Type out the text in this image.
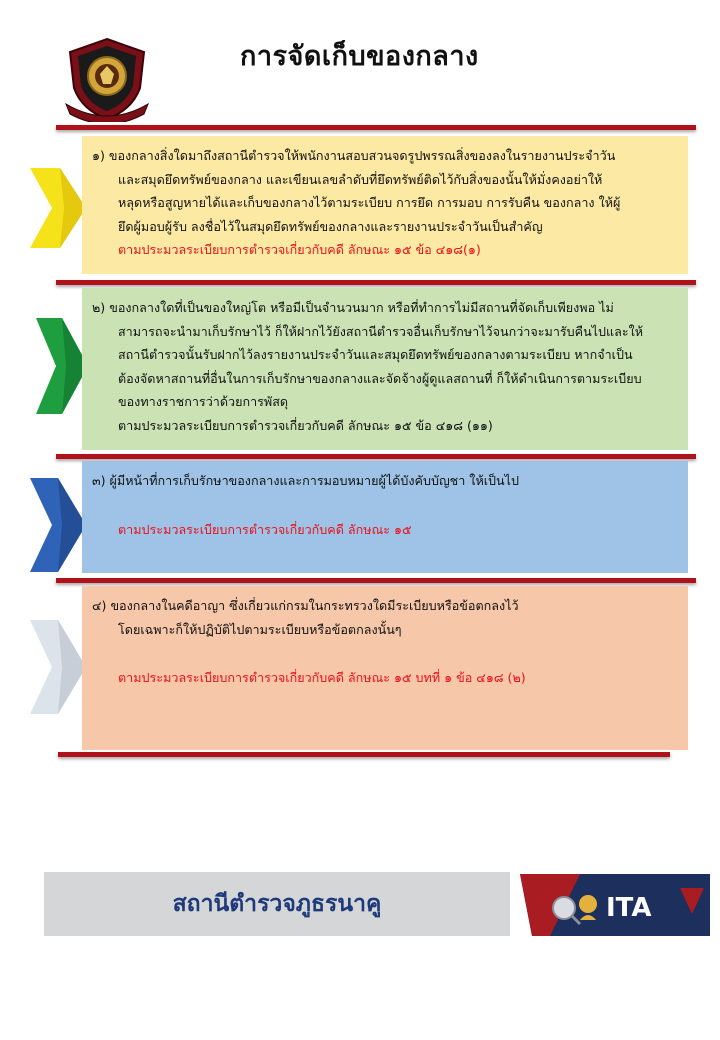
การจัดเก็บของกลาง

๑) ของกลางสิ่งใดมาถึงสถานีตำรวจให้พนักงานสอบสวนจดรูปพรรณสิ่งของลงในรายงานประจำวัน

และสมุดยึดทรัพย์ของกลาง และเขียนเลขลำดับที่ยึดทรัพย์ติดไว้กับสิ่งของนั้นให้มั่งคงอย่าให้

หลุดหรือสูญหายได้และเก็บของกลางไว้ตามระเบียบ การยึด การมอบ การรับคืน ของกลาง ให้ผู้

ยึดผู้มอบผู้รับ ลงชื่อไว้ในสมุดยึดทรัพย์ของกลางและรายงานประจำวันเป็นสำคัญ

ตามประมวลระเบียบการตำรวจเกี่ยวกับคดี ลักษณะ ๑๕ ข้อ ๔๑๘(๑)

๒) ของกลางใดที่เป็นของใหญ่โต หรือมีเป็นจำนวนมาก หรือที่ทำการไม่มีสถานที่จัดเก็บเพียงพอ ไม่

สามารถจะนำมาเก็บรักษาไว้ ก็ให้ฝากไว้ยังสถานีตำรวจอื่นเก็บรักษาไว้จนกว่าจะมารับคืนไปและให้

สถานีตำรวจนั้นรับฝากไว้ลงรายงานประจำวันและสมุดยึดทรัพย์ของกลางตามระเบียบ หากจำเป็น

ต้องจัดหาสถานที่อื่นในการเก็บรักษาของกลางและจัดจ้างผู้ดูแลสถานที่ ก็ให้ดำเนินการตามระเบียบ

ของทางราชการว่าด้วยการพัสดุ

ตามประมวลระเบียบการตำรวจเกี่ยวกับคดี ลักษณะ ๑๕ ข้อ ๔๑๘ (๑๑)

๓) ผู้มีหน้าที่การเก็บรักษาของกลางและการมอบหมายผู้ได้บังคับบัญชา ให้เป็นไป

ตามประมวลระเบียบการตำรวจเกี่ยวกับคดี ลักษณะ ๑๕

๔) ของกลางในคดีอาญา ซึ่งเกี่ยวแก่กรมในกระทรวงใดมีระเบียบหรือข้อตกลงไว้

โดยเฉพาะก็ให้ปฏิบัติไปตามระเบียบหรือข้อตกลงนั้นๆ

ตามประมวลระเบียบการตำรวจเกี่ยวกับคดี ลักษณะ ๑๕ บทที่ ๑ ข้อ ๔๑๘ (๒)

สถานีตำรวจภูธรนาคู	ITA
